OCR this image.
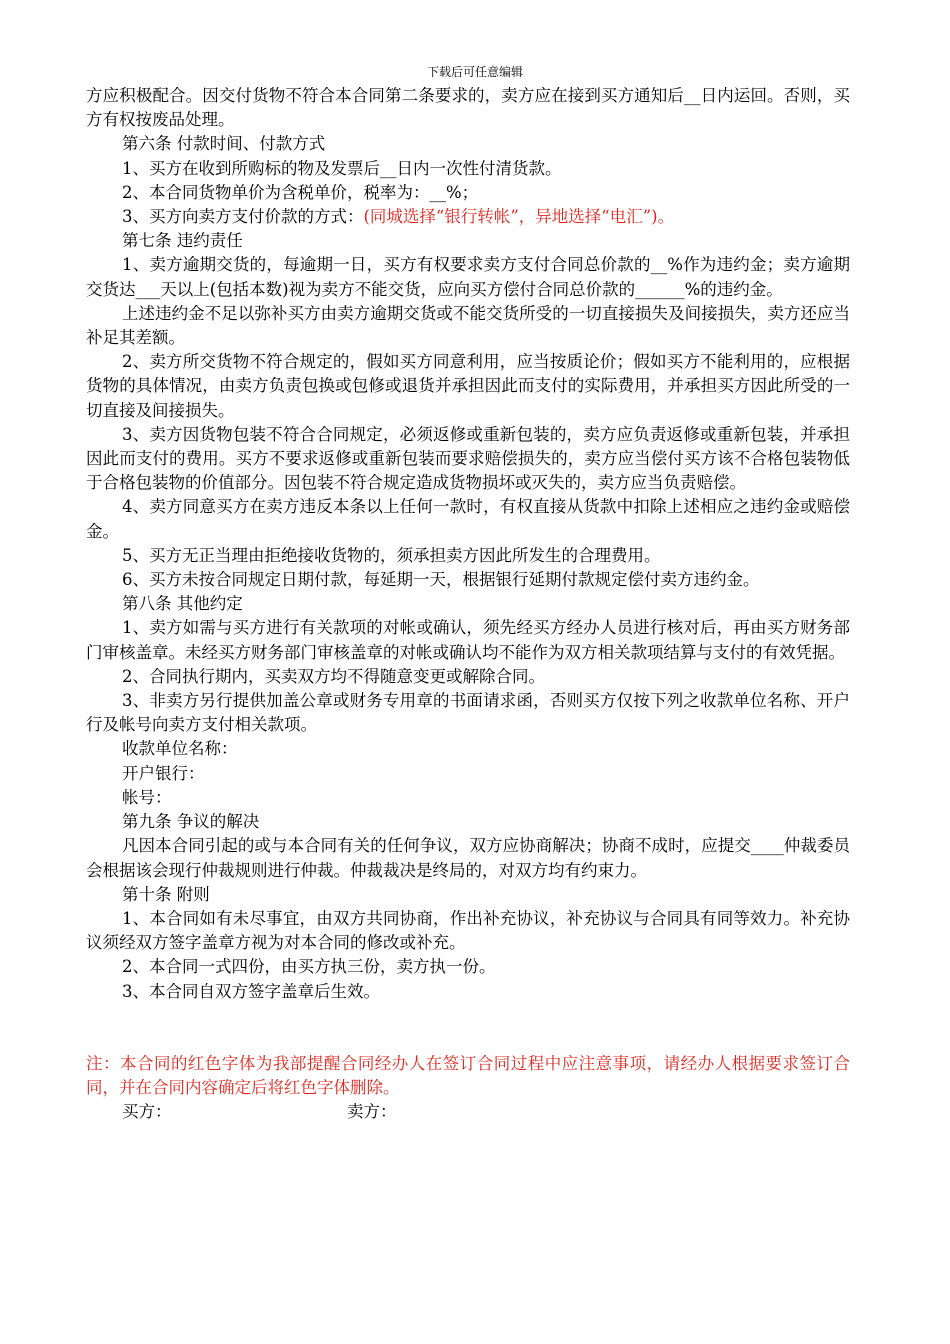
下载后可任意编辑

方应积极配合。因交付货物不符合本合同第二条要求的，卖方应在接到买方通知后__日内运回。否则，买方有权按废品处理。

第六条 付款时间、付款方式

1、买方在收到所购标的物及发票后__日内一次性付清货款。

2、本合同货物单价为含税单价，税率为：__%；

3、买方向卖方支付价款的方式：(同城选择“银行转帐”，异地选择“电汇”)。

第七条 违约责任

1、卖方逾期交货的，每逾期一日，买方有权要求卖方支付合同总价款的__%作为违约金；卖方逾期交货达___天以上(包括本数)视为卖方不能交货，应向买方偿付合同总价款的______%的违约金。

上述违约金不足以弥补买方由卖方逾期交货或不能交货所受的一切直接损失及间接损失，卖方还应当补足其差额。

2、卖方所交货物不符合规定的，假如买方同意利用，应当按质论价；假如买方不能利用的，应根据货物的具体情况，由卖方负责包换或包修或退货并承担因此而支付的实际费用，并承担买方因此所受的一切直接及间接损失。

3、卖方因货物包装不符合合同规定，必须返修或重新包装的，卖方应负责返修或重新包装，并承担因此而支付的费用。买方不要求返修或重新包装而要求赔偿损失的，卖方应当偿付买方该不合格包装物低于合格包装物的价值部分。因包装不符合规定造成货物损坏或灭失的，卖方应当负责赔偿。

4、卖方同意买方在卖方违反本条以上任何一款时，有权直接从货款中扣除上述相应之违约金或赔偿金。

5、买方无正当理由拒绝接收货物的，须承担卖方因此所发生的合理费用。

6、买方未按合同规定日期付款，每延期一天，根据银行延期付款规定偿付卖方违约金。

第八条 其他约定

1、卖方如需与买方进行有关款项的对帐或确认，须先经买方经办人员进行核对后，再由买方财务部门审核盖章。未经买方财务部门审核盖章的对帐或确认均不能作为双方相关款项结算与支付的有效凭据。

2、合同执行期内，买卖双方均不得随意变更或解除合同。

3、非卖方另行提供加盖公章或财务专用章的书面请求函，否则买方仅按下列之收款单位名称、开户行及帐号向卖方支付相关款项。

收款单位名称：

开户银行：

帐号：

第九条 争议的解决

凡因本合同引起的或与本合同有关的任何争议，双方应协商解决；协商不成时，应提交____仲裁委员会根据该会现行仲裁规则进行仲裁。仲裁裁决是终局的，对双方均有约束力。

第十条 附则

1、本合同如有未尽事宜，由双方共同协商，作出补充协议，补充协议与合同具有同等效力。补充协议须经双方签字盖章方视为对本合同的修改或补充。

2、本合同一式四份，由买方执三份，卖方执一份。

3、本合同自双方签字盖章后生效。

注：本合同的红色字体为我部提醒合同经办人在签订合同过程中应注意事项，请经办人根据要求签订合同，并在合同内容确定后将红色字体删除。

买方：	卖方：
